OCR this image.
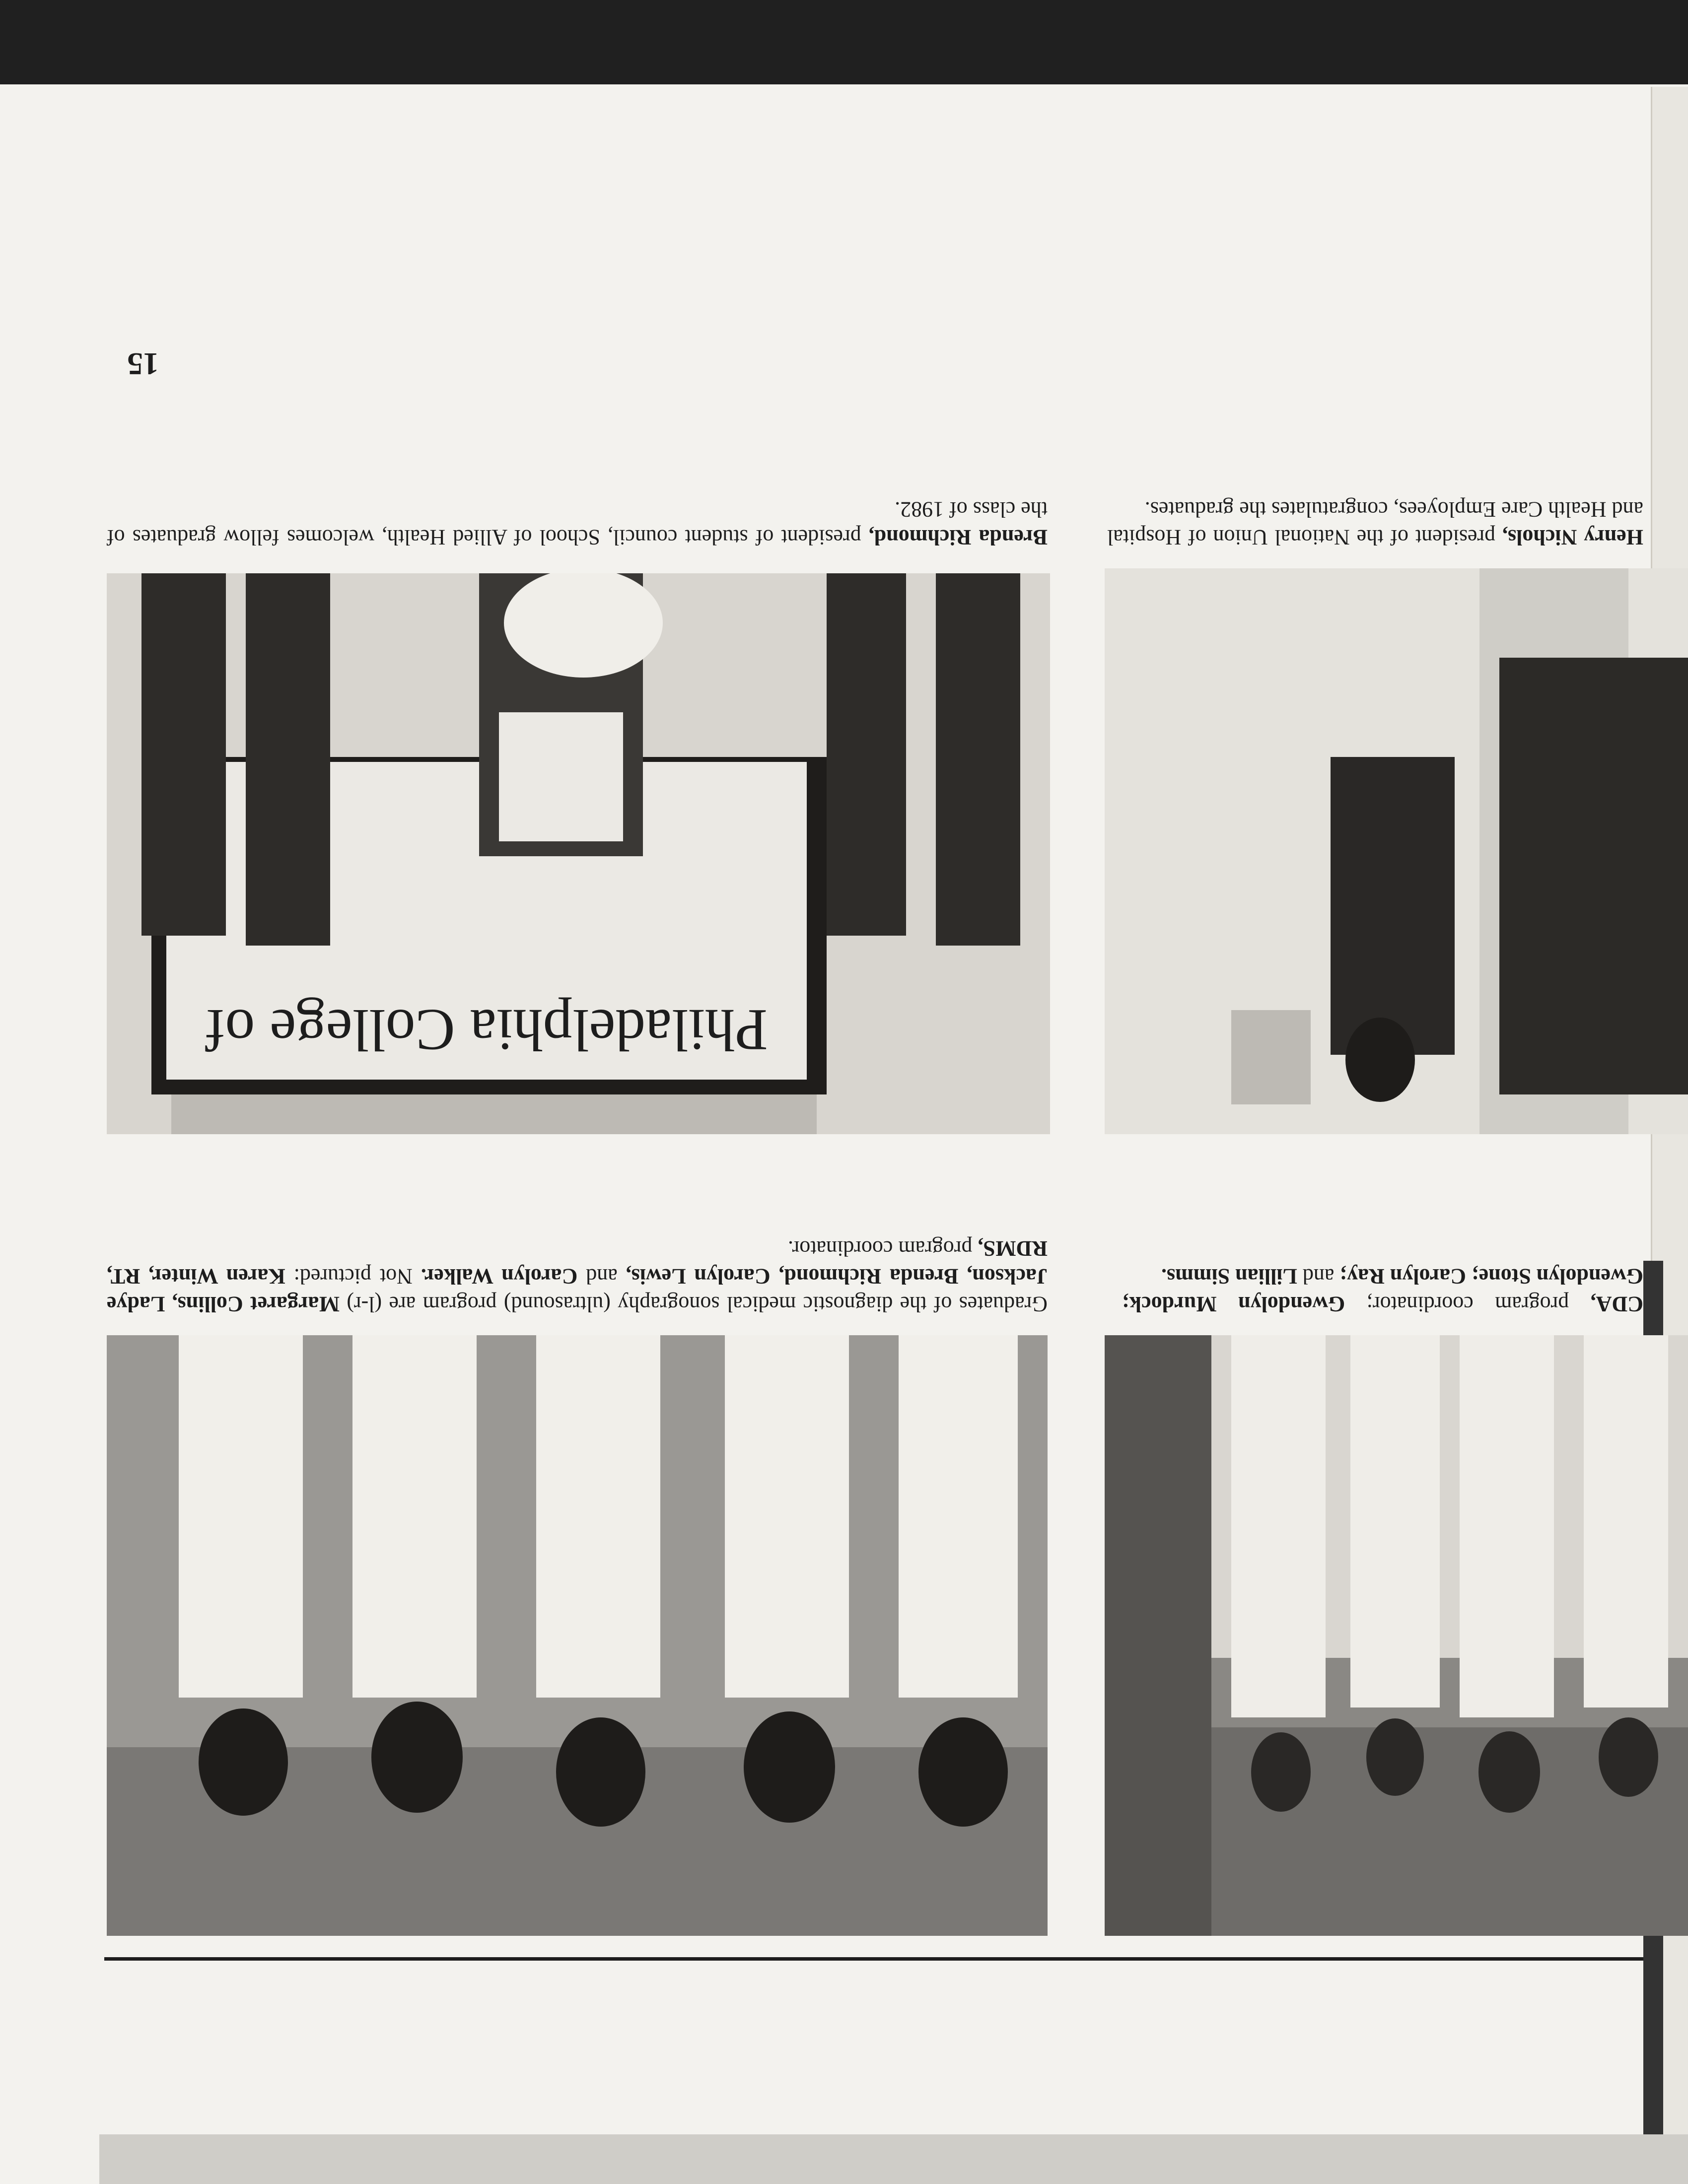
CDA, program coordinator; Gwendolyn Murdock; Gwendolyn Stone; Carolyn Ray; and Lillian Simms.
Graduates of the diagnostic medical sonography (ultrasound) program are (l-r) Margaret Collins, Ladye Jackson, Brenda Richmond, Carolyn Lewis, and Carolyn Walker. Not pictured: Karen Winter, RT, RDMS, program coordinator.
Henry Nichols, president of the National Union of Hospital and Health Care Employees, congratulates the graduates.
Philadelphia College of
Brenda Richmond, president of student council, School of Allied Health, welcomes fellow graduates of the class of 1982.
15
